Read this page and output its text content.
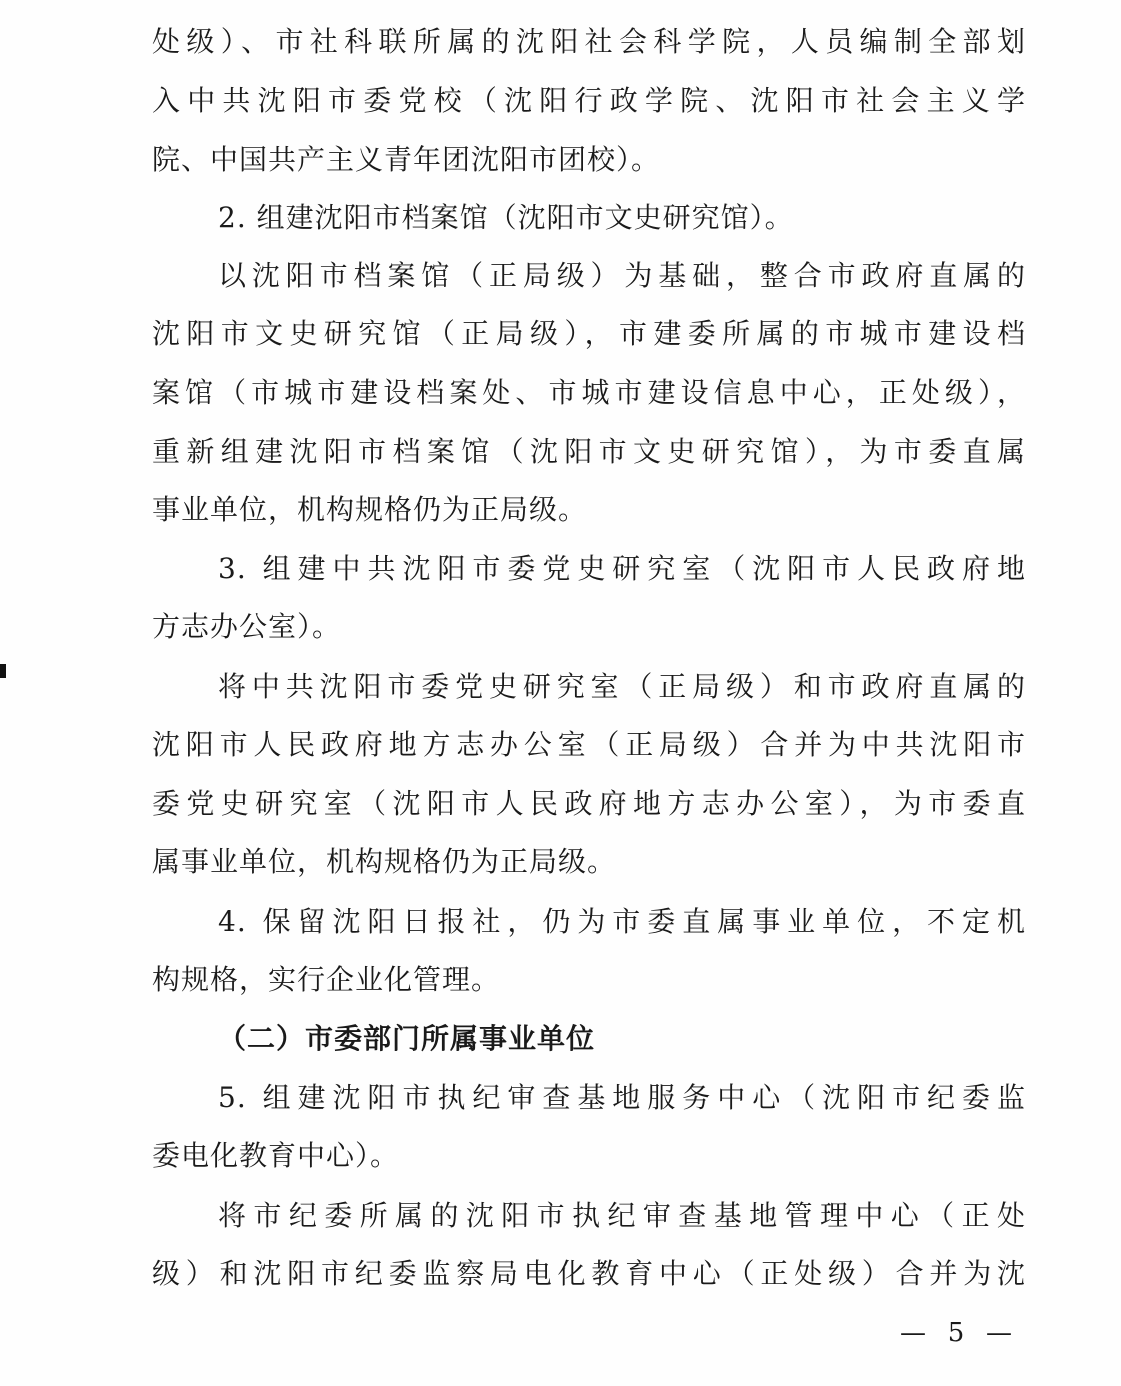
处级）、市社科联所属的沈阳社会科学院，人员编制全部划
入中共沈阳市委党校（沈阳行政学院、沈阳市社会主义学
院、中国共产主义青年团沈阳市团校）。
2. 组建沈阳市档案馆（沈阳市文史研究馆）。
以沈阳市档案馆（正局级）为基础，整合市政府直属的
沈阳市文史研究馆（正局级），市建委所属的市城市建设档
案馆（市城市建设档案处、市城市建设信息中心，正处级），
重新组建沈阳市档案馆（沈阳市文史研究馆），为市委直属
事业单位，机构规格仍为正局级。
3. 组建中共沈阳市委党史研究室（沈阳市人民政府地
方志办公室）。
将中共沈阳市委党史研究室（正局级）和市政府直属的
沈阳市人民政府地方志办公室（正局级）合并为中共沈阳市
委党史研究室（沈阳市人民政府地方志办公室），为市委直
属事业单位，机构规格仍为正局级。
4. 保留沈阳日报社，仍为市委直属事业单位，不定机
构规格，实行企业化管理。
（二）市委部门所属事业单位
5. 组建沈阳市执纪审查基地服务中心（沈阳市纪委监
委电化教育中心）。
将市纪委所属的沈阳市执纪审查基地管理中心（正处
级）和沈阳市纪委监察局电化教育中心（正处级）合并为沈
— 5 —
